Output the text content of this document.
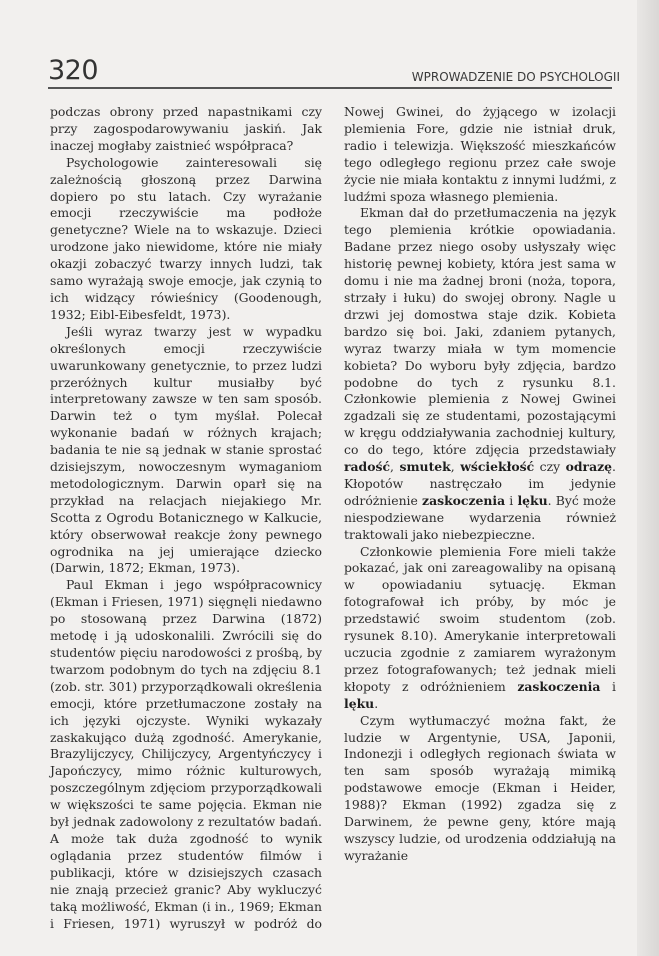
320	WPROWADZENIE DO PSYCHOLOGII

podczas obrony przed napastnikami czy przy zagospodarowywaniu jaskiń. Jak inaczej mogłaby zaistnieć współpraca?

Psychologowie zainteresowali się zależnością głoszoną przez Darwina dopiero po stu latach. Czy wyrażanie emocji rzeczywiście ma podłoże genetyczne? Wiele na to wskazuje. Dzieci urodzone jako niewidome, które nie miały okazji zobaczyć twarzy innych ludzi, tak samo wyrażają swoje emocje, jak czynią to ich widzący rówieśnicy (Goodenough, 1932; Eibl-Eibesfeldt, 1973).

Jeśli wyraz twarzy jest w wypadku określonych emocji rzeczywiście uwarunkowany genetycznie, to przez ludzi przeróżnych kultur musiałby być interpretowany zawsze w ten sam sposób. Darwin też o tym myślał. Polecał wykonanie badań w różnych krajach; badania te nie są jednak w stanie sprostać dzisiejszym, nowoczesnym wymaganiom metodologicznym. Darwin oparł się na przykład na relacjach niejakiego Mr. Scotta z Ogrodu Botanicznego w Kalkucie, który obserwował reakcje żony pewnego ogrodnika na jej umierające dziecko (Darwin, 1872; Ekman, 1973).

Paul Ekman i jego współpracownicy (Ekman i Friesen, 1971) sięgnęli niedawno po stosowaną przez Darwina (1872) metodę i ją udoskonalili. Zwrócili się do studentów pięciu narodowości z prośbą, by twarzom podobnym do tych na zdjęciu 8.1 (zob. str. 301) przyporządkowali określenia emocji, które przetłumaczone zostały na ich języki ojczyste. Wyniki wykazały zaskakująco dużą zgodność. Amerykanie, Brazylijczycy, Chilijczycy, Argentyńczycy i Japończycy, mimo różnic kulturowych, poszczególnym zdjęciom przyporządkowali w większości te same pojęcia. Ekman nie był jednak zadowolony z rezultatów badań. A może tak duża zgodność to wynik oglądania przez studentów filmów i publikacji, które w dzisiejszych czasach nie znają przecież granic? Aby wykluczyć taką możliwość, Ekman (i in., 1969; Ekman i Friesen, 1971) wyruszył w podróż do Nowej Gwinei, do żyjącego w izolacji plemienia Fore, gdzie nie istniał druk, radio i telewizja. Większość mieszkańców tego odległego regionu przez całe swoje życie nie miała kontaktu z innymi ludźmi, z ludźmi spoza własnego plemienia.

Ekman dał do przetłumaczenia na język tego plemienia krótkie opowiadania. Badane przez niego osoby usłyszały więc historię pewnej kobiety, która jest sama w domu i nie ma żadnej broni (noża, topora, strzały i łuku) do swojej obrony. Nagle u drzwi jej domostwa staje dzik. Kobieta bardzo się boi. Jaki, zdaniem pytanych, wyraz twarzy miała w tym momencie kobieta? Do wyboru były zdjęcia, bardzo podobne do tych z rysunku 8.1. Członkowie plemienia z Nowej Gwinei zgadzali się ze studentami, pozostającymi w kręgu oddziaływania zachodniej kultury, co do tego, które zdjęcia przedstawiały radość, smutek, wściekłość czy odrazę. Kłopotów nastręczało im jedynie odróżnienie zaskoczenia i lęku. Być może niespodziewane wydarzenia również traktowali jako niebezpieczne.

Członkowie plemienia Fore mieli także pokazać, jak oni zareagowaliby na opisaną w opowiadaniu sytuację. Ekman fotografował ich próby, by móc je przedstawić swoim studentom (zob. rysunek 8.10). Amerykanie interpretowali uczucia zgodnie z zamiarem wyrażonym przez fotografowanych; też jednak mieli kłopoty z odróżnieniem zaskoczenia i lęku.

Czym wytłumaczyć można fakt, że ludzie w Argentynie, USA, Japonii, Indonezji i odległych regionach świata w ten sam sposób wyrażają mimiką podstawowe emocje (Ekman i Heider, 1988)? Ekman (1992) zgadza się z Darwinem, że pewne geny, które mają wszyscy ludzie, od urodzenia oddziałują na wyrażanie
